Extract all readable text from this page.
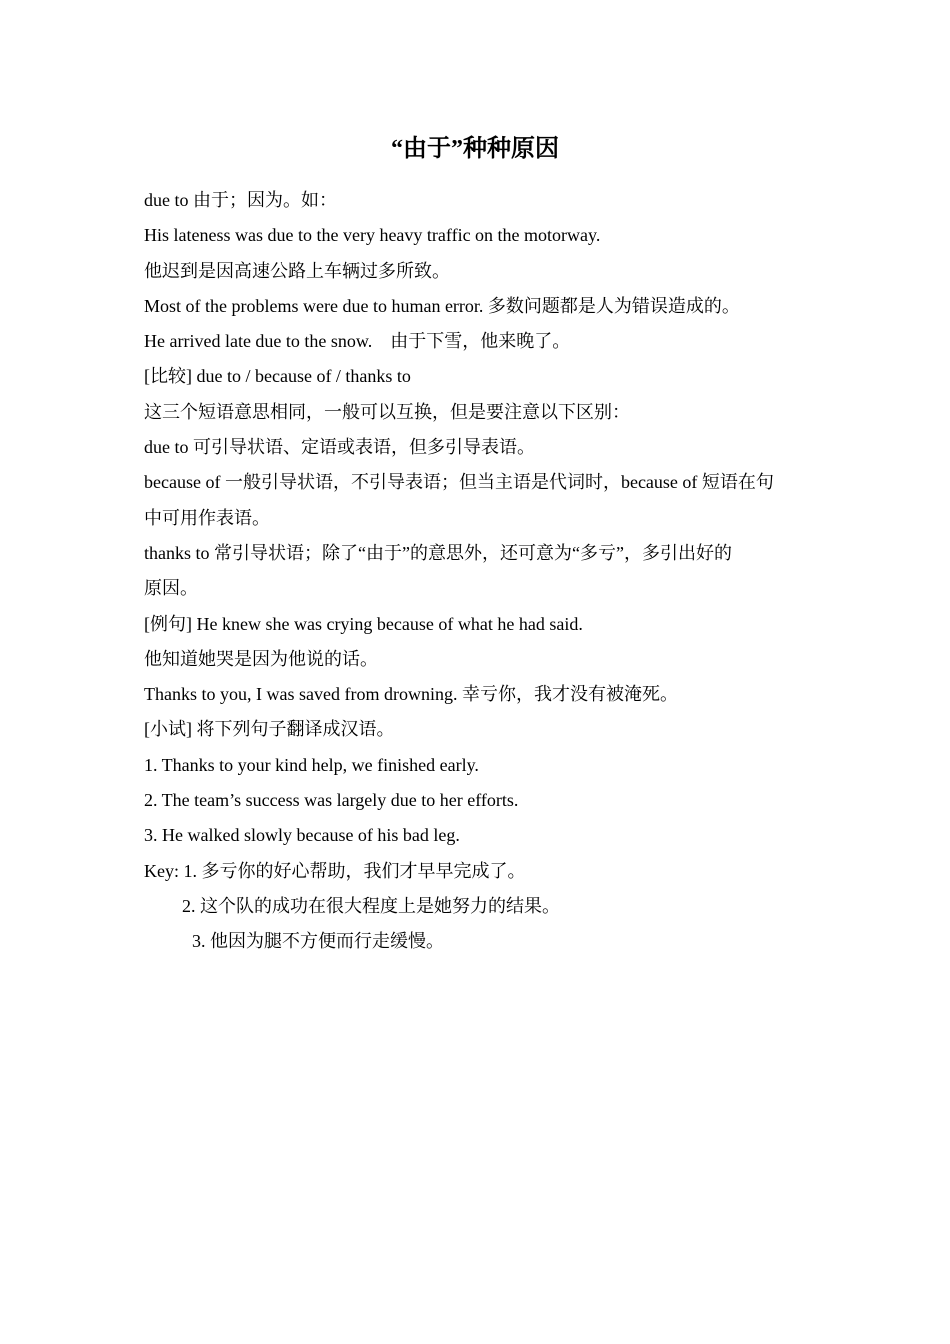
“由于”种种原因
due to 由于；因为。如：
His lateness was due to the very heavy traffic on the motorway.
他迟到是因高速公路上车辆过多所致。
Most of the problems were due to human error. 多数问题都是人为错误造成的。
He arrived late due to the snow.　由于下雪，他来晚了。
[比较] due to / because of / thanks to
这三个短语意思相同，一般可以互换，但是要注意以下区别：
due to 可引导状语、定语或表语，但多引导表语。
because of 一般引导状语，不引导表语；但当主语是代词时，because of 短语在句
中可用作表语。
thanks to 常引导状语；除了“由于”的意思外，还可意为“多亏”，多引出好的
原因。
[例句] He knew she was crying because of what he had said.
他知道她哭是因为他说的话。
Thanks to you, I was saved from drowning. 幸亏你，我才没有被淹死。
[小试] 将下列句子翻译成汉语。
1. Thanks to your kind help, we finished early.
2. The team’s success was largely due to her efforts.
3. He walked slowly because of his bad leg.
Key: 1. 多亏你的好心帮助，我们才早早完成了。
2. 这个队的成功在很大程度上是她努力的结果。
3. 他因为腿不方便而行走缓慢。
